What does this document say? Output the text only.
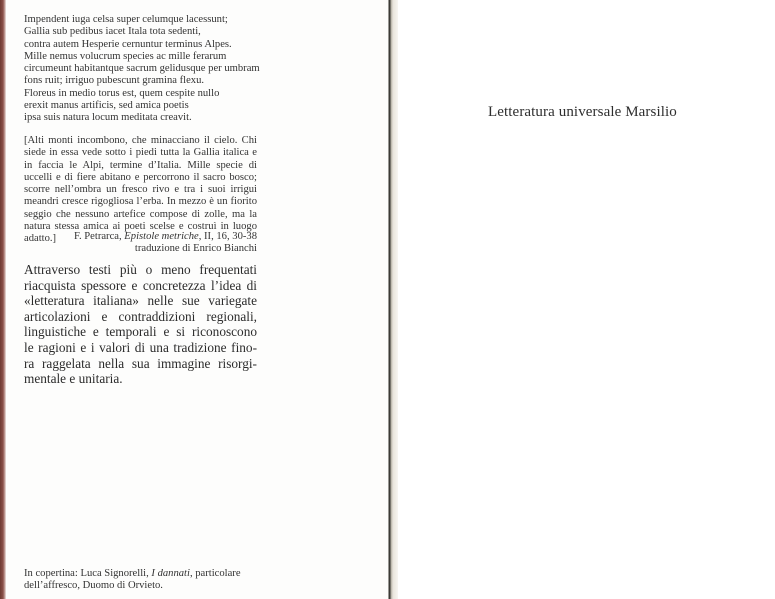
Impendent iuga celsa super celumque lacessunt;
Gallia sub pedibus iacet Itala tota sedenti,
contra autem Hesperie cernuntur terminus Alpes.
Mille nemus volucrum species ac mille ferarum
circumeunt habitantque sacrum gelidusque per umbram
fons ruit; irriguo pubescunt gramina flexu.
Floreus in medio torus est, quem cespite nullo
erexit manus artificis, sed amica poetis
ipsa suis natura locum meditata creavit.
[Alti monti incombono, che minacciano il cielo. Chi siede in essa vede sotto i piedi tutta la Gallia italica e in faccia le Alpi, termine d’Italia. Mille specie di uccelli e di fiere abitano e percorrono il sacro bosco; scorre nell’ombra un fresco rivo e tra i suoi irrigui meandri cresce rigogliosa l’erba. In mezzo è un fiorito seggio che nessuno artefice compose di zolle, ma la natura stessa amica ai poeti scelse e costruì in luogo adatto.]	F. Petrarca, Epistole metriche, II, 16, 30-38
traduzione di Enrico Bianchi
Attraverso testi più o meno frequentati
riacquista spessore e concretezza l’idea di
«letteratura italiana» nelle sue variegate
articolazioni e contraddizioni regionali,
linguistiche e temporali e si riconoscono
le ragioni e i valori di una tradizione fino-
ra raggelata nella sua immagine risorgi-
mentale e unitaria.
In copertina: Luca Signorelli, I dannati, particolare dell’affresco, Duomo di Orvieto.
Letteratura universale Marsilio
